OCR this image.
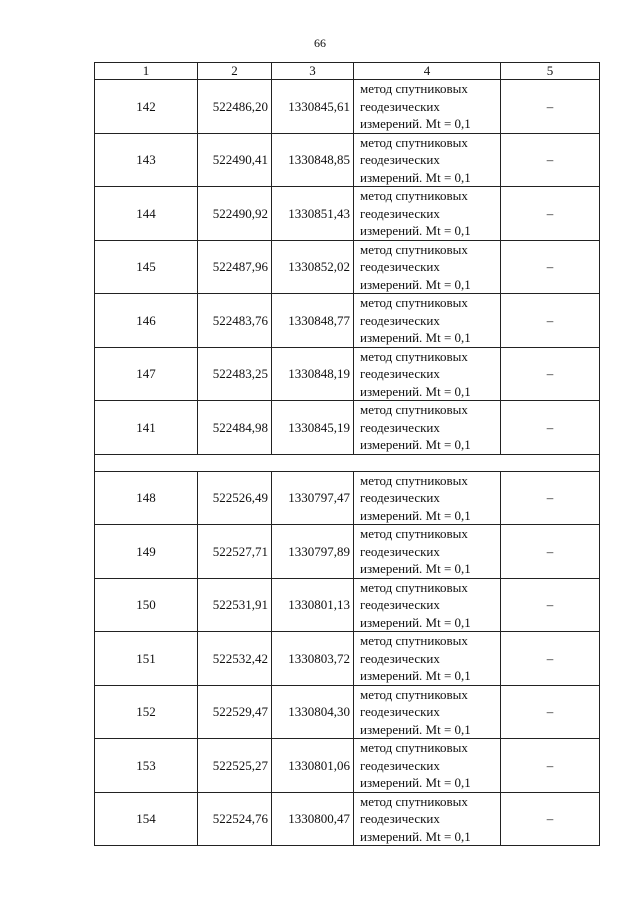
66
1	2	3	4	5
142	522486,20	1330845,61	метод спутниковых
геодезических
измерений. Mt = 0,1	–
143	522490,41	1330848,85	метод спутниковых
геодезических
измерений. Mt = 0,1	–
144	522490,92	1330851,43	метод спутниковых
геодезических
измерений. Mt = 0,1	–
145	522487,96	1330852,02	метод спутниковых
геодезических
измерений. Mt = 0,1	–
146	522483,76	1330848,77	метод спутниковых
геодезических
измерений. Mt = 0,1	–
147	522483,25	1330848,19	метод спутниковых
геодезических
измерений. Mt = 0,1	–
141	522484,98	1330845,19	метод спутниковых
геодезических
измерений. Mt = 0,1	–

148	522526,49	1330797,47	метод спутниковых
геодезических
измерений. Mt = 0,1	–
149	522527,71	1330797,89	метод спутниковых
геодезических
измерений. Mt = 0,1	–
150	522531,91	1330801,13	метод спутниковых
геодезических
измерений. Mt = 0,1	–
151	522532,42	1330803,72	метод спутниковых
геодезических
измерений. Mt = 0,1	–
152	522529,47	1330804,30	метод спутниковых
геодезических
измерений. Mt = 0,1	–
153	522525,27	1330801,06	метод спутниковых
геодезических
измерений. Mt = 0,1	–
154	522524,76	1330800,47	метод спутниковых
геодезических
измерений. Mt = 0,1	–
